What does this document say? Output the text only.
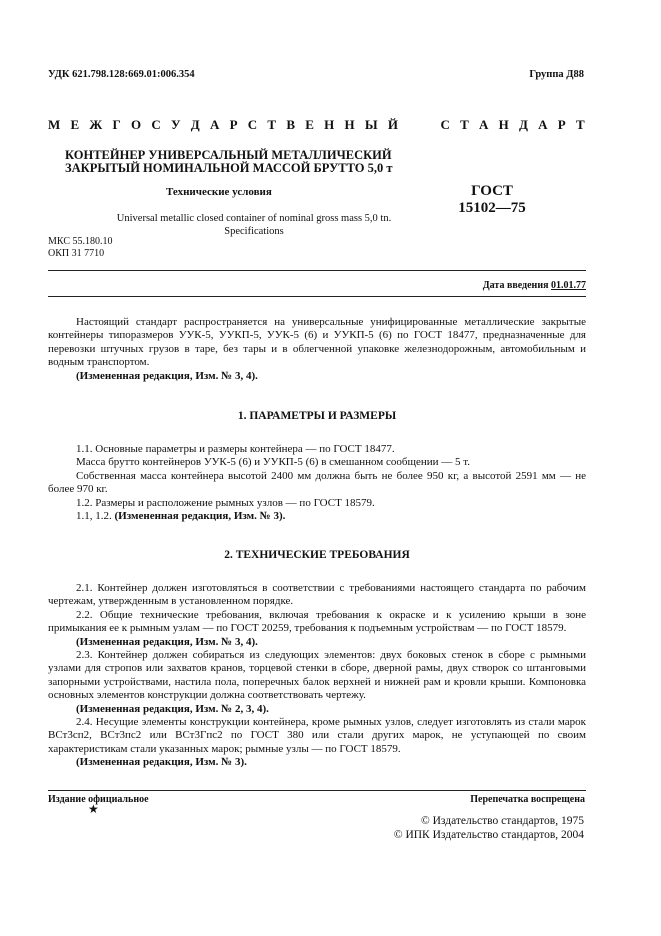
УДК 621.798.128:669.01:006.354	Группа Д88
М Е Ж Г О С У Д А Р С Т В Е Н Н Ы Й	С Т А Н Д А Р Т
КОНТЕЙНЕР УНИВЕРСАЛЬНЫЙ МЕТАЛЛИЧЕСКИЙ
ЗАКРЫТЫЙ НОМИНАЛЬНОЙ МАССОЙ БРУТТО 5,0 т
Технические условия	ГОСТ
15102—75
Universal metallic closed container of nominal gross mass 5,0 tn.
Specifications
МКС 55.180.10
ОКП 31 7710
Дата введения 01.01.77

Настоящий стандарт распространяется на универсальные унифицированные металлические закрытые контейнеры типоразмеров УУК-5, УУКП-5, УУК-5 (6) и УУКП-5 (6) по ГОСТ 18477, предназначенные для перевозки штучных грузов в таре, без тары и в облегченной упаковке железнодорожным, автомобильным и водным транспортом.

(Измененная редакция, Изм. № 3, 4).

1. ПАРАМЕТРЫ И РАЗМЕРЫ

1.1. Основные параметры и размеры контейнера — по ГОСТ 18477.

Масса брутто контейнеров УУК-5 (6) и УУКП-5 (6) в смешанном сообщении — 5 т.

Собственная масса контейнера высотой 2400 мм должна быть не более 950 кг, а высотой 2591 мм — не более 970 кг.

1.2. Размеры и расположение рымных узлов — по ГОСТ 18579.

1.1, 1.2. (Измененная редакция, Изм. № 3).

2. ТЕХНИЧЕСКИЕ ТРЕБОВАНИЯ

2.1. Контейнер должен изготовляться в соответствии с требованиями настоящего стандарта по рабочим чертежам, утвержденным в установленном порядке.

2.2. Общие технические требования, включая требования к окраске и к усилению крыши в зоне примыкания ее к рымным узлам — по ГОСТ 20259, требования к подъемным устройствам — по ГОСТ 18579.

(Измененная редакция, Изм. № 3, 4).

2.3. Контейнер должен собираться из следующих элементов: двух боковых стенок в сборе с рымными узлами для стропов или захватов кранов, торцевой стенки в сборе, дверной рамы, двух створок со штанговыми запорными устройствами, настила пола, поперечных балок верхней и нижней рам и кровли крыши. Компоновка основных элементов конструкции должна соответствовать чертежу.

(Измененная редакция, Изм. № 2, 3, 4).

2.4. Несущие элементы конструкции контейнера, кроме рымных узлов, следует изготовлять из стали марок ВСт3сп2, ВСт3пс2 или ВСт3Гпс2 по ГОСТ 380 или стали других марок, не уступающей по своим характеристикам стали указанных марок; рымные узлы — по ГОСТ 18579.

(Измененная редакция, Изм. № 3).

Издание официальное
★
Перепечатка воспрещена
© Издательство стандартов, 1975
© ИПК Издательство стандартов, 2004
